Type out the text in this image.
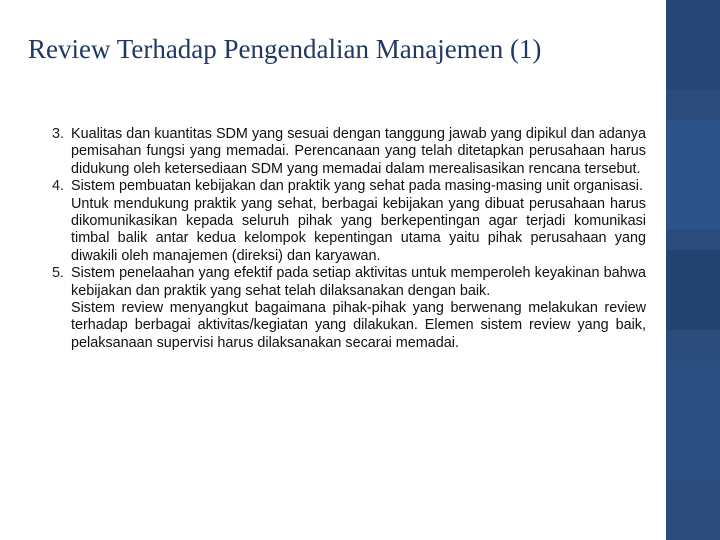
Review Terhadap Pengendalian Manajemen (1)
3. Kualitas dan kuantitas SDM yang sesuai dengan tanggung jawab yang dipikul dan adanya pemisahan fungsi yang memadai. Perencanaan yang telah ditetapkan perusahaan harus didukung oleh ketersediaan SDM yang memadai dalam merealisasikan rencana tersebut.

4. Sistem pembuatan kebijakan dan praktik yang sehat pada masing-masing unit organisasi.

Untuk mendukung praktik yang sehat, berbagai kebijakan yang dibuat perusahaan harus dikomunikasikan kepada seluruh pihak yang berkepentingan agar terjadi komunikasi timbal balik antar kedua kelompok kepentingan utama yaitu pihak perusahaan yang diwakili oleh manajemen (direksi) dan karyawan.

5. Sistem penelaahan yang efektif pada setiap aktivitas untuk memperoleh keyakinan bahwa kebijakan dan praktik yang sehat telah dilaksanakan dengan baik.

Sistem review menyangkut bagaimana pihak-pihak yang berwenang melakukan review terhadap berbagai aktivitas/kegiatan yang dilakukan. Elemen sistem review yang baik, pelaksanaan supervisi harus dilaksanakan secarai memadai.
